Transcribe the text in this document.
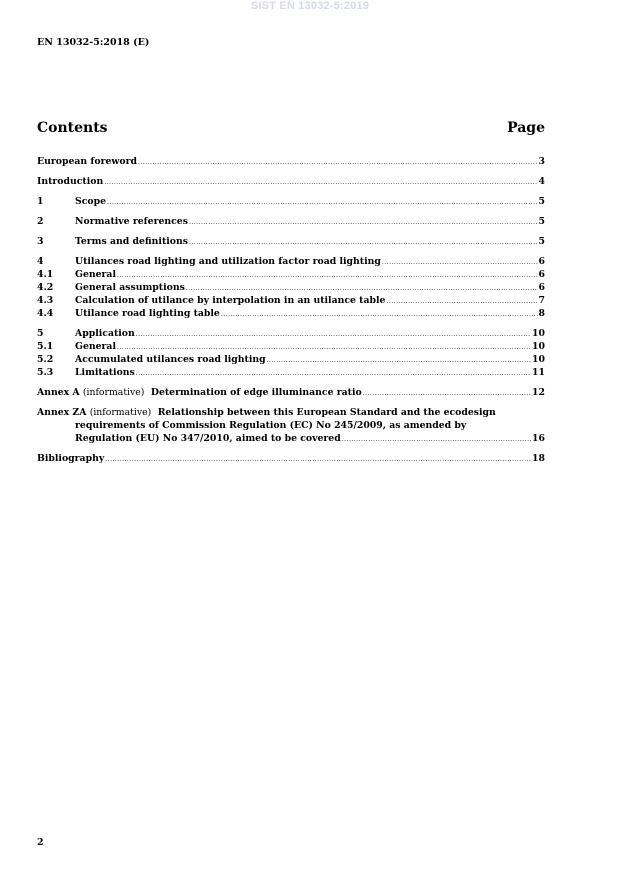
SIST EN 13032-5:2019
EN 13032-5:2018 (E)
Contents	Page
European foreword .....	3
Introduction .....	4
1	Scope .....	5
2	Normative references .....	5
3	Terms and definitions .....	5
4	Utilances road lighting and utilization factor road lighting .....	6
4.1	General .....	6
4.2	General assumptions .....	6
4.3	Calculation of utilance by interpolation in an utilance table .....	7
4.4	Utilance road lighting table .....	8
5	Application .....	10
5.1	General .....	10
5.2	Accumulated utilances road lighting .....	10
5.3	Limitations .....	11
Annex A (informative) Determination of edge illuminance ratio .....	12
Annex ZA (informative) Relationship between this European Standard and the ecodesign
requirements of Commission Regulation (EC) No 245/2009, as amended by
Regulation (EU) No 347/2010, aimed to be covered .....	16
Bibliography .....	18
2
